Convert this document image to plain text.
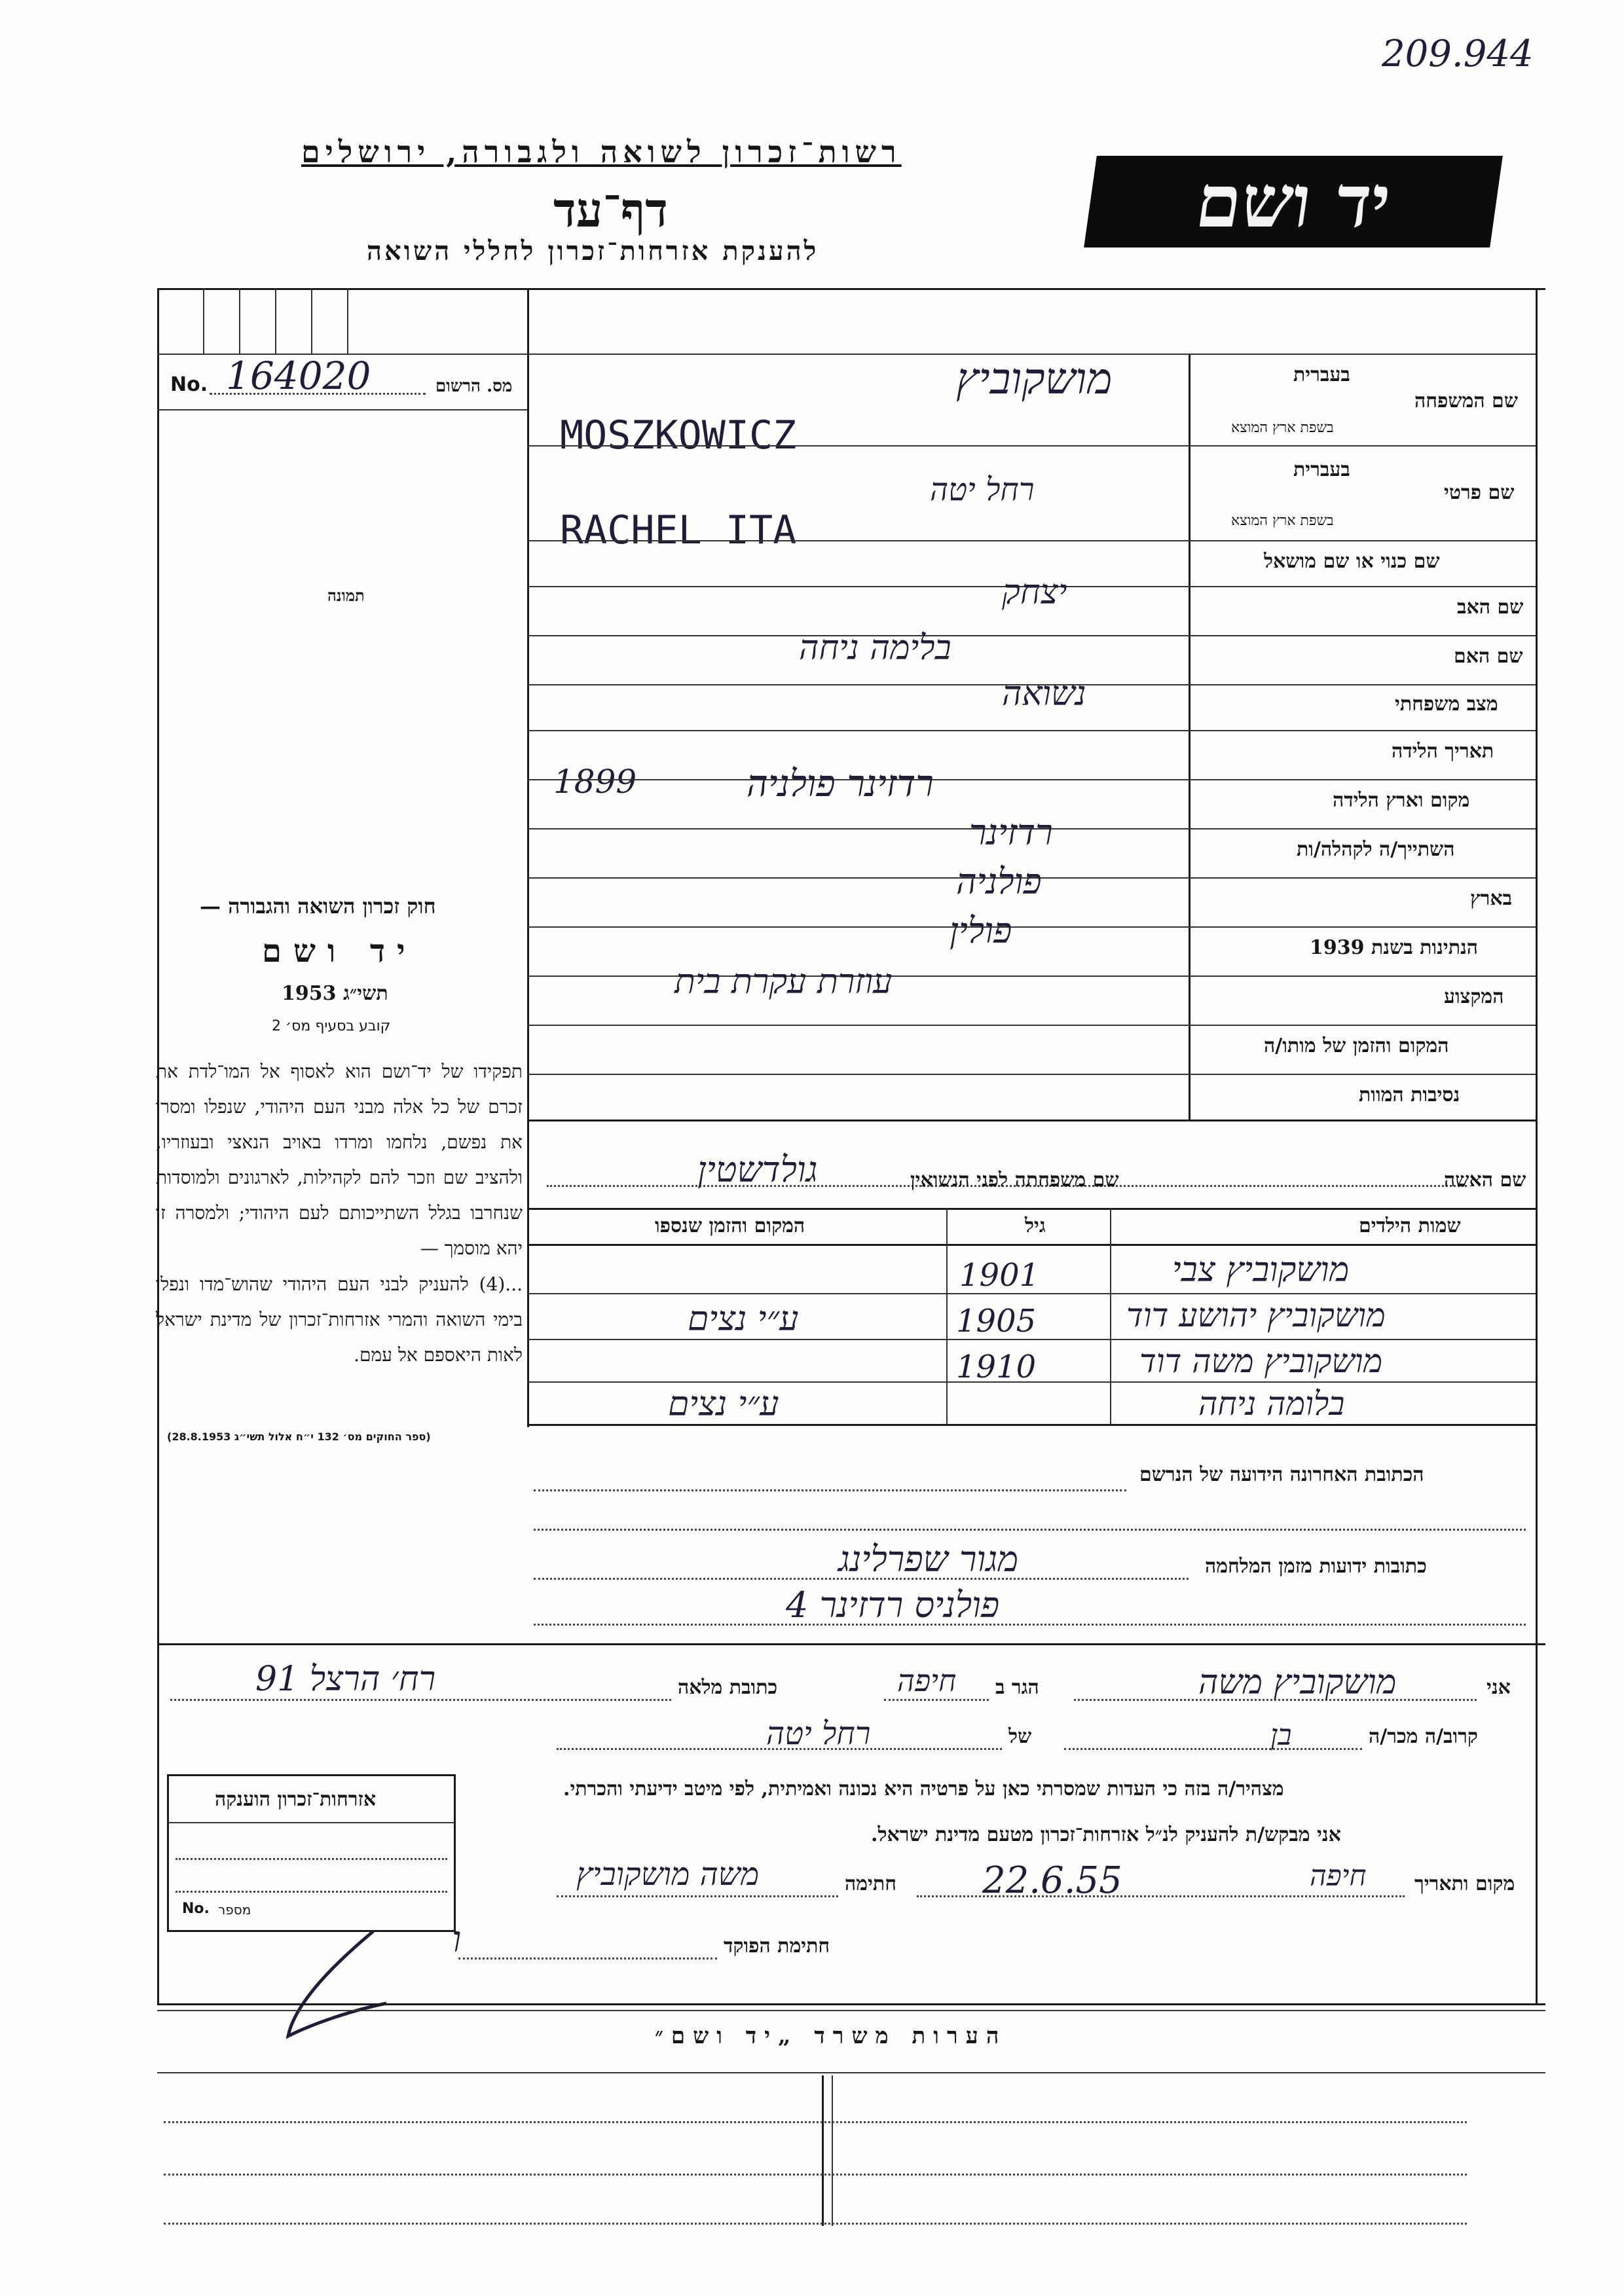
209.944
רשות־זכרון לשואה ולגבורה, ירושלים
דף־עד
להענקת אזרחות־זכרון לחללי השואה
יד ושם
No. 164020	מס. הרשום
תמונה
בעברית
שם המשפחה
בשפת ארץ המוצא
מושקוביץ
MOSZKOWICZ
בעברית
שם פרטי
בשפת ארץ המוצא
רחל יטה
RACHEL ITA
שם כנוי או שם מושאל
שם האב
יצחק
שם האם
בלימה ניחה
מצב משפחתי
נשואה
תאריך הלידה
1899	מקום וארץ הלידה
רדזינר פולניה
השתייך/ה לקהלה/ות
רדזינר
בארץ
פולניה
הנתינות בשנת 1939
פולין
המקצוע
עוזרת עקרת בית
המקום והזמן של מותו/ה
נסיבות המוות
חוק זכרון השואה והגבורה —
יד ושם
תשי״ג 1953
קובע בסעיף מס׳ 2
תפקידו של יד־ושם הוא לאסוף אל המו־לדת את זכרם של כל אלה מבני העם היהודי, שנפלו ומסרו את נפשם, נלחמו ומרדו באויב הנאצי ובעוזריו, ולהציב שם וזכר להם לקהילות, לארגונים ולמוסדות שנחרבו בגלל השתייכותם לעם היהודי; ולמסרה זו יהא מוסמך —
...(4) להעניק לבני העם היהודי שהוש־מדו ונפלו בימי השואה והמרי אזרחות־זכרון של מדינת ישראל לאות היאספם אל עמם.
(ספר החוקים מס׳ 132 י״ח אלול תשי״ג 28.8.1953)
שם האשה
שם משפחתה לפני הנשואין
גולדשטין
שמות הילדים
גיל
המקום והזמן שנספו
מושקוביץ צבי
1901
מושקוביץ יהושע דוד
1905
ע״י נצים
מושקוביץ משה דוד
1910
בלומה ניחה
ע״י נצים
הכתובת האחרונה הידועה של הנרשם
כתובות ידועות מזמן המלחמה
מגור שפרלינג
פולניס רדזינר 4
אני
מושקוביץ משה
הגר ב
חיפה
כתובת מלאה
רח׳ הרצל 91
קרוב/ה מכר/ה
בן
של
רחל יטה
מצהיר/ה בזה כי העדות שמסרתי כאן על פרטיה היא נכונה ואמיתית, לפי מיטב ידיעתי והכרתי.
אני מבקש/ת להעניק לנ״ל אזרחות־זכרון מטעם מדינת ישראל.
מקום ותאריך
חיפה
22.6.55
חתימה
משה מושקוביץ
חתימת הפוקד
ו
אזרחות־זכרון הוענקה
No. מספר
הערות משרד „יד ושם״
